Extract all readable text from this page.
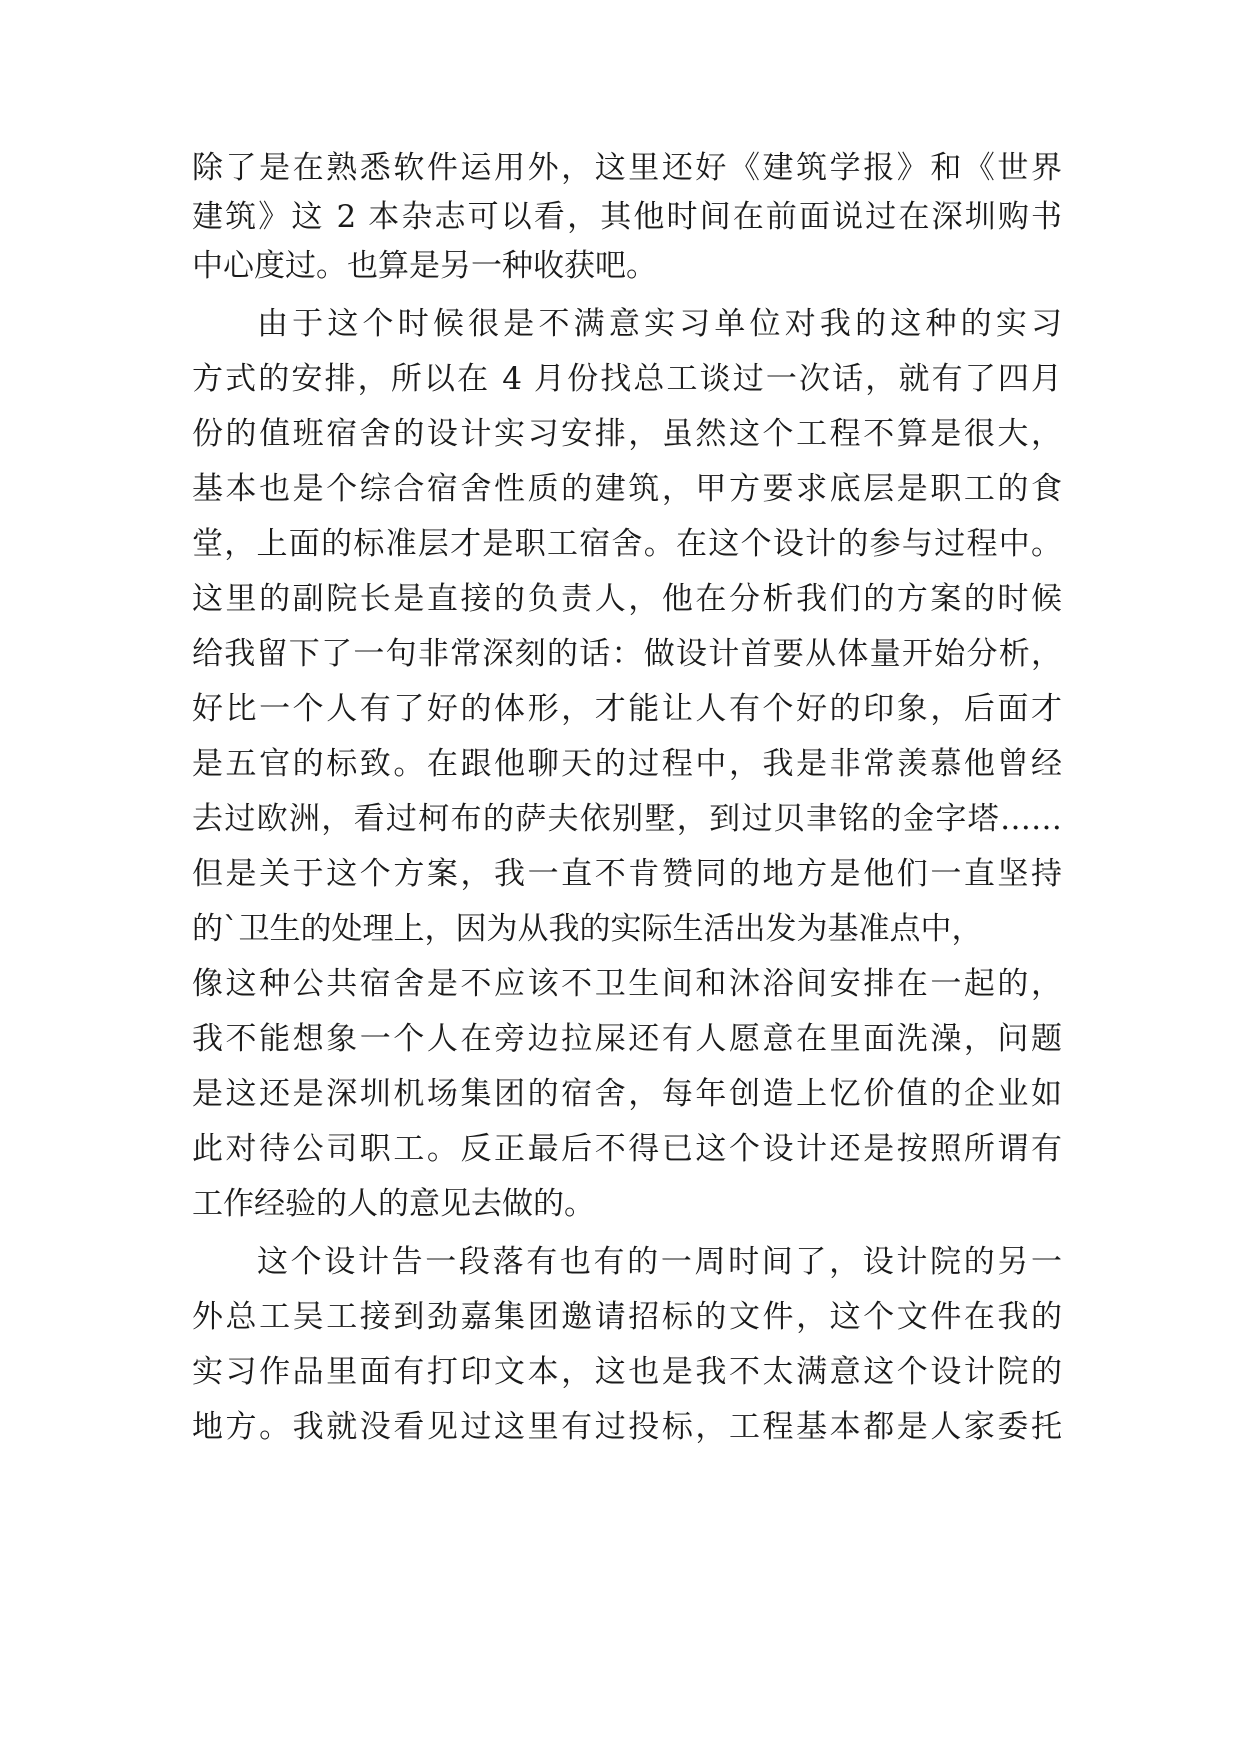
除了是在熟悉软件运用外，这里还好《建筑学报》和《世界
建筑》这 2 本杂志可以看，其他时间在前面说过在深圳购书
中心度过。也算是另一种收获吧。
由于这个时候很是不满意实习单位对我的这种的实习
方式的安排，所以在 4 月份找总工谈过一次话，就有了四月
份的值班宿舍的设计实习安排，虽然这个工程不算是很大，
基本也是个综合宿舍性质的建筑，甲方要求底层是职工的食
堂，上面的标准层才是职工宿舍。在这个设计的参与过程中。
这里的副院长是直接的负责人，他在分析我们的方案的时候
给我留下了一句非常深刻的话：做设计首要从体量开始分析，
好比一个人有了好的体形，才能让人有个好的印象，后面才
是五官的标致。在跟他聊天的过程中，我是非常羡慕他曾经
去过欧洲，看过柯布的萨夫依别墅，到过贝聿铭的金字塔……
但是关于这个方案，我一直不肯赞同的地方是他们一直坚持
的`卫生的处理上，因为从我的实际生活出发为基准点中，
像这种公共宿舍是不应该不卫生间和沐浴间安排在一起的，
我不能想象一个人在旁边拉屎还有人愿意在里面洗澡，问题
是这还是深圳机场集团的宿舍，每年创造上忆价值的企业如
此对待公司职工。反正最后不得已这个设计还是按照所谓有
工作经验的人的意见去做的。
这个设计告一段落有也有的一周时间了，设计院的另一
外总工吴工接到劲嘉集团邀请招标的文件，这个文件在我的
实习作品里面有打印文本，这也是我不太满意这个设计院的
地方。我就没看见过这里有过投标，工程基本都是人家委托
